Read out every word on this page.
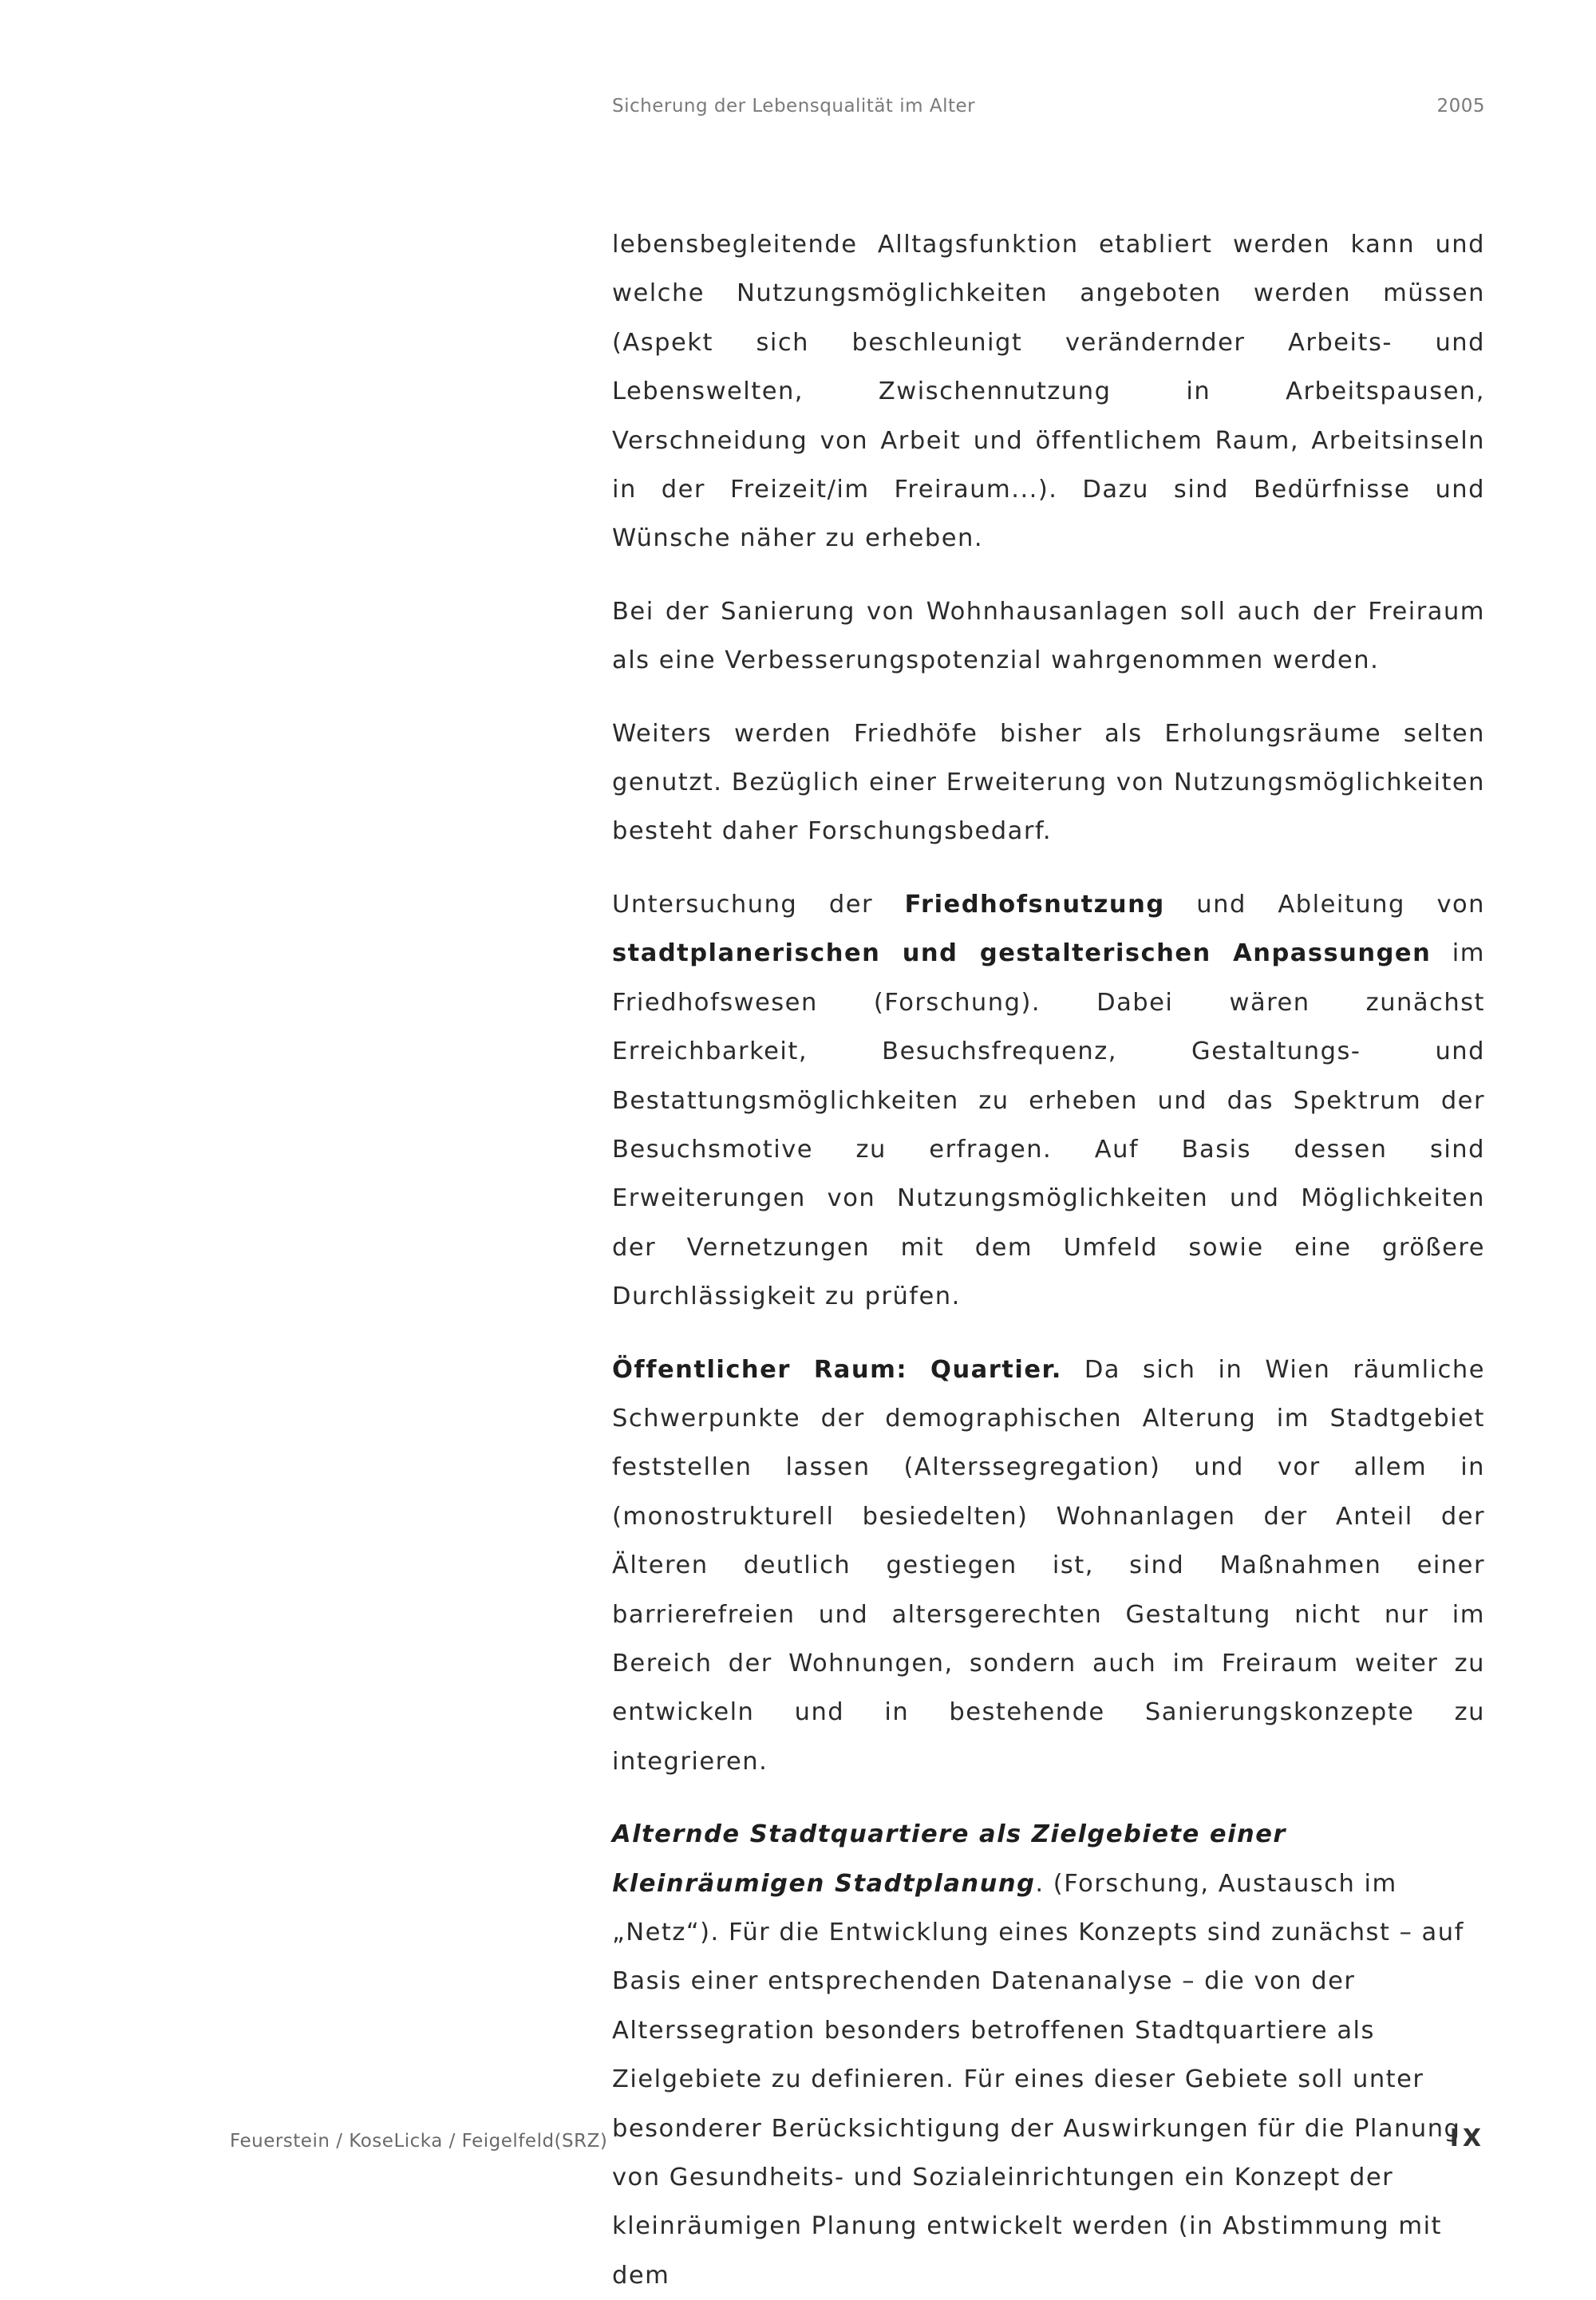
Sicherung der Lebensqualität im Alter	2005

lebensbegleitende Alltagsfunktion etabliert werden kann und welche Nutzungsmöglichkeiten angeboten werden müssen (Aspekt sich beschleunigt verändernder Arbeits- und Lebenswelten, Zwischennutzung in Arbeitspausen, Verschneidung von Arbeit und öffentlichem Raum, Arbeitsinseln in der Freizeit/im Freiraum...). Dazu sind Bedürfnisse und Wünsche näher zu erheben.

Bei der Sanierung von Wohnhausanlagen soll auch der Freiraum als eine Verbesserungspotenzial wahrgenommen werden.

Weiters werden Friedhöfe bisher als Erholungsräume selten genutzt. Bezüglich einer Erweiterung von Nutzungsmöglichkeiten besteht daher Forschungsbedarf.

Untersuchung der Friedhofsnutzung und Ableitung von stadtplanerischen und gestalterischen Anpassungen im Friedhofswesen (Forschung). Dabei wären zunächst Erreichbarkeit, Besuchsfrequenz, Gestaltungs- und Bestattungsmöglichkeiten zu erheben und das Spektrum der Besuchsmotive zu erfragen. Auf Basis dessen sind Erweiterungen von Nutzungsmöglichkeiten und Möglichkeiten der Vernetzungen mit dem Umfeld sowie eine größere Durchlässigkeit zu prüfen.

Öffentlicher Raum: Quartier. Da sich in Wien räumliche Schwerpunkte der demographischen Alterung im Stadtgebiet feststellen lassen (Alterssegregation) und vor allem in (monostrukturell besiedelten) Wohnanlagen der Anteil der Älteren deutlich gestiegen ist, sind Maßnahmen einer barrierefreien und altersgerechten Gestaltung nicht nur im Bereich der Wohnungen, sondern auch im Freiraum weiter zu entwickeln und in bestehende Sanierungskonzepte zu integrieren.

Alternde Stadtquartiere als Zielgebiete einer kleinräumigen Stadtplanung. (Forschung, Austausch im „Netz“). Für die Entwicklung eines Konzepts sind zunächst – auf Basis einer entsprechenden Datenanalyse – die von der Alterssegration besonders betroffenen Stadtquartiere als Zielgebiete zu definieren. Für eines dieser Gebiete soll unter besonderer Berücksichtigung der Auswirkungen für die Planung von Gesundheits- und Sozialeinrichtungen ein Konzept der kleinräumigen Planung entwickelt werden (in Abstimmung mit dem

Feuerstein / KoseLicka / Feigelfeld(SRZ)	IX
